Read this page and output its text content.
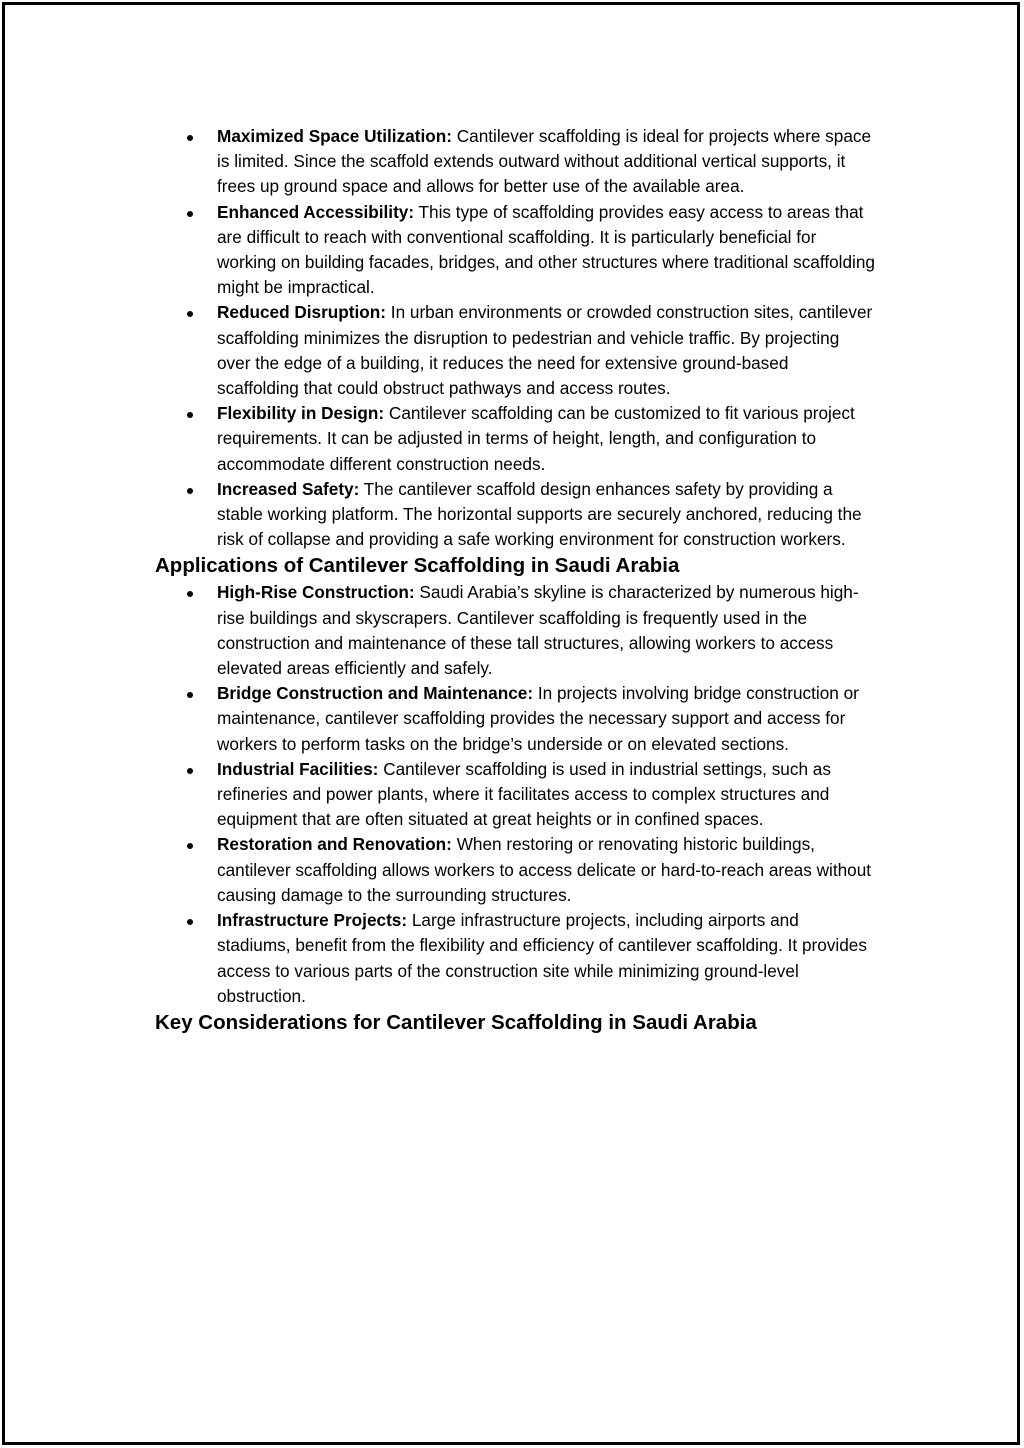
Maximized Space Utilization: Cantilever scaffolding is ideal for projects where space is limited. Since the scaffold extends outward without additional vertical supports, it frees up ground space and allows for better use of the available area.
Enhanced Accessibility: This type of scaffolding provides easy access to areas that are difficult to reach with conventional scaffolding. It is particularly beneficial for working on building facades, bridges, and other structures where traditional scaffolding might be impractical.
Reduced Disruption: In urban environments or crowded construction sites, cantilever scaffolding minimizes the disruption to pedestrian and vehicle traffic. By projecting over the edge of a building, it reduces the need for extensive ground-based scaffolding that could obstruct pathways and access routes.
Flexibility in Design: Cantilever scaffolding can be customized to fit various project requirements. It can be adjusted in terms of height, length, and configuration to accommodate different construction needs.
Increased Safety: The cantilever scaffold design enhances safety by providing a stable working platform. The horizontal supports are securely anchored, reducing the risk of collapse and providing a safe working environment for construction workers.
Applications of Cantilever Scaffolding in Saudi Arabia
High-Rise Construction: Saudi Arabia’s skyline is characterized by numerous high-rise buildings and skyscrapers. Cantilever scaffolding is frequently used in the construction and maintenance of these tall structures, allowing workers to access elevated areas efficiently and safely.
Bridge Construction and Maintenance: In projects involving bridge construction or maintenance, cantilever scaffolding provides the necessary support and access for workers to perform tasks on the bridge’s underside or on elevated sections.
Industrial Facilities: Cantilever scaffolding is used in industrial settings, such as refineries and power plants, where it facilitates access to complex structures and equipment that are often situated at great heights or in confined spaces.
Restoration and Renovation: When restoring or renovating historic buildings, cantilever scaffolding allows workers to access delicate or hard-to-reach areas without causing damage to the surrounding structures.
Infrastructure Projects: Large infrastructure projects, including airports and stadiums, benefit from the flexibility and efficiency of cantilever scaffolding. It provides access to various parts of the construction site while minimizing ground-level obstruction.
Key Considerations for Cantilever Scaffolding in Saudi Arabia
